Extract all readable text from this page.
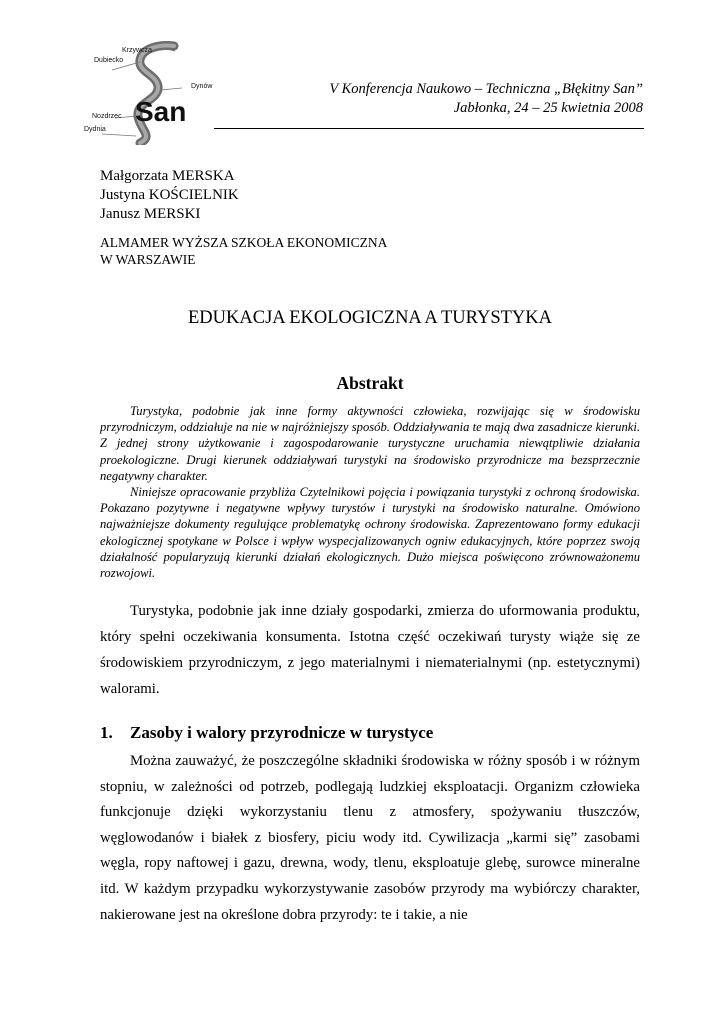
Krzywcza
Dubiecko
Dynów
Nozdrzec
Dydnia
San
V Konferencja Naukowo – Techniczna „Błękitny San”
Jabłonka, 24 – 25 kwietnia 2008
Małgorzata MERSKA
Justyna KOŚCIELNIK
Janusz MERSKI
ALMAMER WYŻSZA SZKOŁA EKONOMICZNA
W WARSZAWIE
EDUKACJA EKOLOGICZNA A TURYSTYKA
Abstrakt

Turystyka, podobnie jak inne formy aktywności człowieka, rozwijając się w środowisku przyrodniczym, oddziałuje na nie w najróżniejszy sposób. Oddziaływania te mają dwa zasadnicze kierunki. Z jednej strony użytkowanie i zagospodarowanie turystyczne uruchamia niewątpliwie działania proekologiczne. Drugi kierunek oddziaływań turystyki na środowisko przyrodnicze ma bezsprzecznie negatywny charakter.

Niniejsze opracowanie przybliża Czytelnikowi pojęcia i powiązania turystyki z ochroną środowiska. Pokazano pozytywne i negatywne wpływy turystów i turystyki na środowisko naturalne. Omówiono najważniejsze dokumenty regulujące problematykę ochrony środowiska. Zaprezentowano formy edukacji ekologicznej spotykane w Polsce i wpływ wyspecjalizowanych ogniw edukacyjnych, które poprzez swoją działalność popularyzują kierunki działań ekologicznych. Dużo miejsca poświęcono zrównoważonemu rozwojowi.

Turystyka, podobnie jak inne działy gospodarki, zmierza do uformowania produktu, który spełni oczekiwania konsumenta. Istotna część oczekiwań turysty wiąże się ze środowiskiem przyrodniczym, z jego materialnymi i niematerialnymi (np. estetycznymi) walorami.

1. Zasoby i walory przyrodnicze w turystyce

Można zauważyć, że poszczególne składniki środowiska w różny sposób i w różnym stopniu, w zależności od potrzeb, podlegają ludzkiej eksploatacji. Organizm człowieka funkcjonuje dzięki wykorzystaniu tlenu z atmosfery, spożywaniu tłuszczów, węglowodanów i białek z biosfery, piciu wody itd. Cywilizacja „karmi się” zasobami węgla, ropy naftowej i gazu, drewna, wody, tlenu, eksploatuje glebę, surowce mineralne itd. W każdym przypadku wykorzystywanie zasobów przyrody ma wybiórczy charakter, nakierowane jest na określone dobra przyrody: te i takie, a nie
